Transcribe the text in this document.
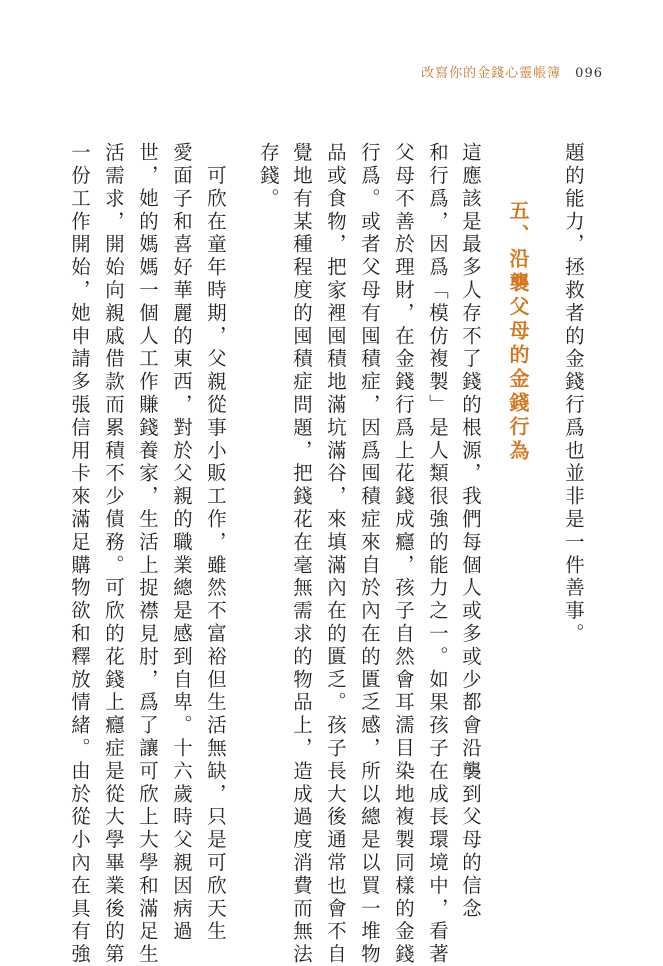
改寫你的金錢心靈帳簿 096
題的能力，拯救者的金錢行爲也並非是一件善事。
五、沿襲父母的金錢行為
這應該是最多人存不了錢的根源，我們每個人或多或少都會沿襲到父母的信念
和行爲，因爲「模仿複製」是人類很強的能力之一。如果孩子在成長環境中，看著
父母不善於理財，在金錢行爲上花錢成癮，孩子自然會耳濡目染地複製同樣的金錢
行爲。或者父母有囤積症，因爲囤積症來自於內在的匱乏感，所以總是以買一堆物
品或食物，把家裡囤積地滿坑滿谷，來填滿內在的匱乏。孩子長大後通常也會不自
覺地有某種程度的囤積症問題，把錢花在毫無需求的物品上，造成過度消費而無法
存錢。
　可欣在童年時期，父親從事小販工作，雖然不富裕但生活無缺，只是可欣天生
愛面子和喜好華麗的東西，對於父親的職業總是感到自卑。十六歲時父親因病過
世，她的媽媽一個人工作賺錢養家，生活上捉襟見肘，爲了讓可欣上大學和滿足生
活需求，開始向親戚借款而累積不少債務。可欣的花錢上癮症是從大學畢業後的第
一份工作開始，她申請多張信用卡來滿足購物欲和釋放情緒。由於從小內在具有強
